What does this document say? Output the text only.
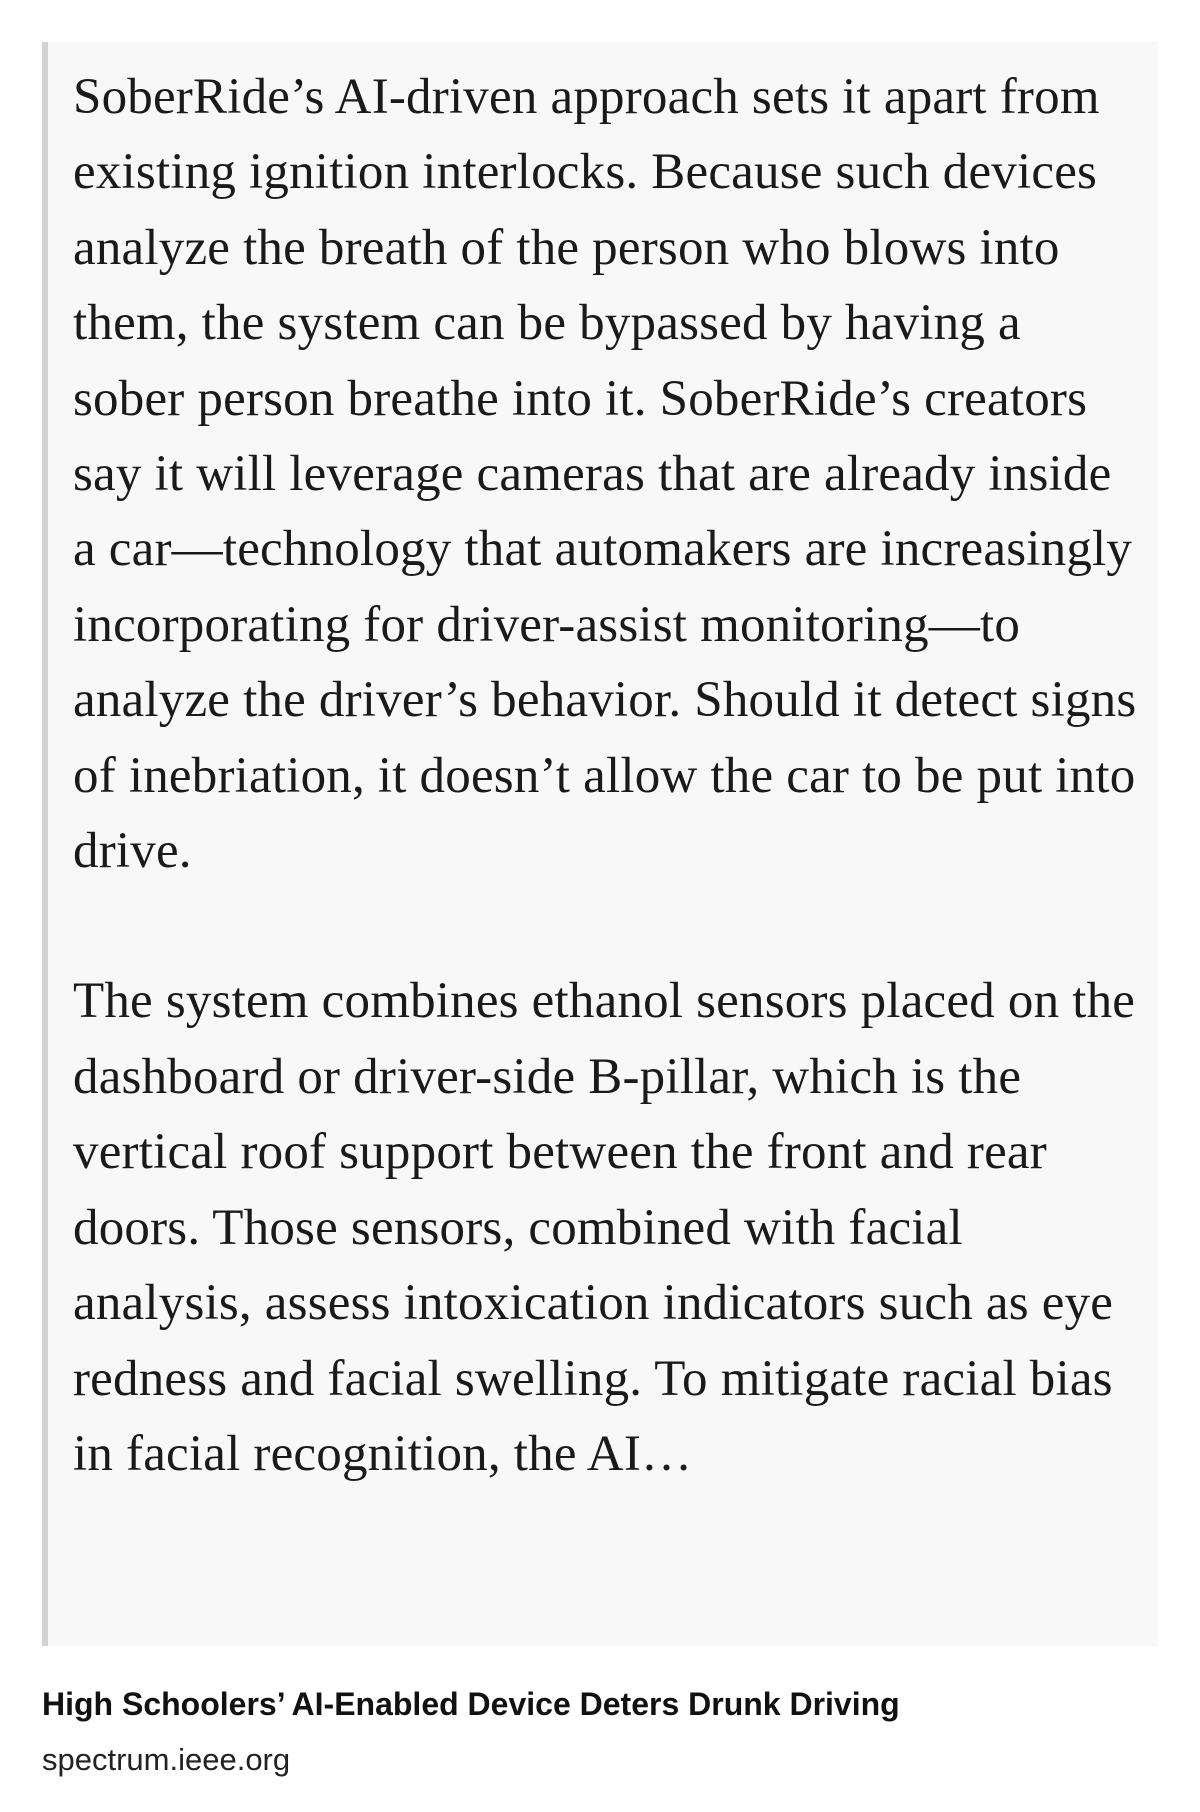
SoberRide’s AI-driven approach sets it apart from existing ignition interlocks. Because such devices analyze the breath of the person who blows into them, the system can be bypassed by having a sober person breathe into it. SoberRide’s creators say it will leverage cameras that are already inside a car—technology that automakers are increasingly incorporating for driver-assist monitoring—to analyze the driver’s behavior. Should it detect signs of inebriation, it doesn’t allow the car to be put into drive.

The system combines ethanol sensors placed on the dashboard or driver-side B-pillar, which is the vertical roof support between the front and rear doors. Those sensors, combined with facial analysis, assess intoxication indicators such as eye redness and facial swelling. To mitigate racial bias in facial recognition, the AI…

High Schoolers’ AI-Enabled Device Deters Drunk Driving
spectrum.ieee.org
